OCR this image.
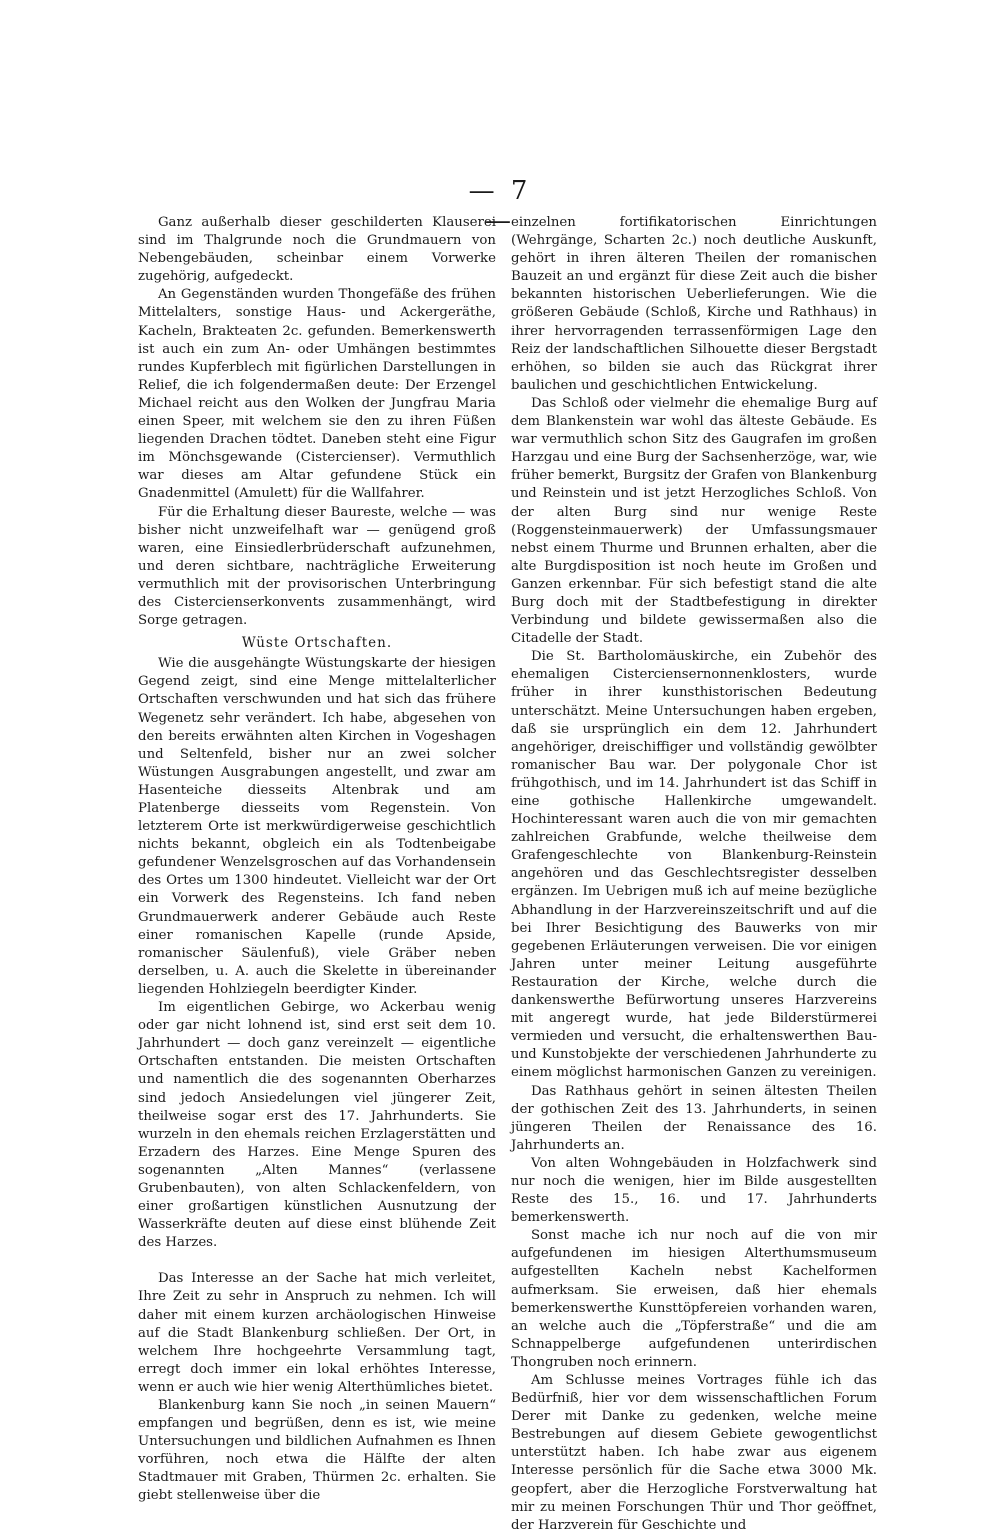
— 7 —

Ganz außerhalb dieser geschilderten Klauserei sind im Thalgrunde noch die Grundmauern von Nebengebäuden, scheinbar einem Vorwerke zugehörig, aufgedeckt.

An Gegenständen wurden Thongefäße des frühen Mittelalters, sonstige Haus- und Ackergeräthe, Kacheln, Brakteaten 2c. gefunden. Bemerkenswerth ist auch ein zum An- oder Umhängen bestimmtes rundes Kupferblech mit figürlichen Darstellungen in Relief, die ich folgendermaßen deute: Der Erzengel Michael reicht aus den Wolken der Jungfrau Maria einen Speer, mit welchem sie den zu ihren Füßen liegenden Drachen tödtet. Daneben steht eine Figur im Mönchsgewande (Cistercienser). Vermuthlich war dieses am Altar gefundene Stück ein Gnadenmittel (Amulett) für die Wallfahrer.

Für die Erhaltung dieser Baureste, welche — was bisher nicht unzweifelhaft war — genügend groß waren, eine Einsiedlerbrüderschaft aufzunehmen, und deren sichtbare, nachträgliche Erweiterung vermuthlich mit der provisorischen Unterbringung des Cistercienserkonvents zusammenhängt, wird Sorge getragen.

Wüste Ortschaften.

Wie die ausgehängte Wüstungskarte der hiesigen Gegend zeigt, sind eine Menge mittelalterlicher Ortschaften verschwunden und hat sich das frühere Wegenetz sehr verändert. Ich habe, abgesehen von den bereits erwähnten alten Kirchen in Vogeshagen und Seltenfeld, bisher nur an zwei solcher Wüstungen Ausgrabungen angestellt, und zwar am Hasenteiche diesseits Altenbrak und am Platenberge diesseits vom Regenstein. Von letzterem Orte ist merkwürdigerweise geschichtlich nichts bekannt, obgleich ein als Todtenbeigabe gefundener Wenzelsgroschen auf das Vorhandensein des Ortes um 1300 hindeutet. Vielleicht war der Ort ein Vorwerk des Regensteins. Ich fand neben Grundmauerwerk anderer Gebäude auch Reste einer romanischen Kapelle (runde Apside, romanischer Säulenfuß), viele Gräber neben derselben, u. A. auch die Skelette in übereinander liegenden Hohlziegeln beerdigter Kinder.

Im eigentlichen Gebirge, wo Ackerbau wenig oder gar nicht lohnend ist, sind erst seit dem 10. Jahrhundert — doch ganz vereinzelt — eigentliche Ortschaften entstanden. Die meisten Ortschaften und namentlich die des sogenannten Oberharzes sind jedoch Ansiedelungen viel jüngerer Zeit, theilweise sogar erst des 17. Jahrhunderts. Sie wurzeln in den ehemals reichen Erzlagerstätten und Erzadern des Harzes. Eine Menge Spuren des sogenannten „Alten Mannes“ (verlassene Grubenbauten), von alten Schlackenfeldern, von einer großartigen künstlichen Ausnutzung der Wasserkräfte deuten auf diese einst blühende Zeit des Harzes.

Das Interesse an der Sache hat mich verleitet, Ihre Zeit zu sehr in Anspruch zu nehmen. Ich will daher mit einem kurzen archäologischen Hinweise auf die Stadt Blankenburg schließen. Der Ort, in welchem Ihre hochgeehrte Versammlung tagt, erregt doch immer ein lokal erhöhtes Interesse, wenn er auch wie hier wenig Alterthümliches bietet.

Blankenburg kann Sie noch „in seinen Mauern“ empfangen und begrüßen, denn es ist, wie meine Untersuchungen und bildlichen Aufnahmen es Ihnen vorführen, noch etwa die Hälfte der alten Stadtmauer mit Graben, Thürmen 2c. erhalten. Sie giebt stellenweise über die

einzelnen fortifikatorischen Einrichtungen (Wehrgänge, Scharten 2c.) noch deutliche Auskunft, gehört in ihren älteren Theilen der romanischen Bauzeit an und ergänzt für diese Zeit auch die bisher bekannten historischen Ueberlieferungen. Wie die größeren Gebäude (Schloß, Kirche und Rathhaus) in ihrer hervorragenden terrassenförmigen Lage den Reiz der landschaftlichen Silhouette dieser Bergstadt erhöhen, so bilden sie auch das Rückgrat ihrer baulichen und geschichtlichen Entwickelung.

Das Schloß oder vielmehr die ehemalige Burg auf dem Blankenstein war wohl das älteste Gebäude. Es war vermuthlich schon Sitz des Gaugrafen im großen Harzgau und eine Burg der Sachsenherzöge, war, wie früher bemerkt, Burgsitz der Grafen von Blankenburg und Reinstein und ist jetzt Herzogliches Schloß. Von der alten Burg sind nur wenige Reste (Roggensteinmauerwerk) der Umfassungsmauer nebst einem Thurme und Brunnen erhalten, aber die alte Burgdisposition ist noch heute im Großen und Ganzen erkennbar. Für sich befestigt stand die alte Burg doch mit der Stadtbefestigung in direkter Verbindung und bildete gewissermaßen also die Citadelle der Stadt.

Die St. Bartholomäuskirche, ein Zubehör des ehemaligen Cisterciensernonnenklosters, wurde früher in ihrer kunsthistorischen Bedeutung unterschätzt. Meine Untersuchungen haben ergeben, daß sie ursprünglich ein dem 12. Jahrhundert angehöriger, dreischiffiger und vollständig gewölbter romanischer Bau war. Der polygonale Chor ist frühgothisch, und im 14. Jahrhundert ist das Schiff in eine gothische Hallenkirche umgewandelt. Hochinteressant waren auch die von mir gemachten zahlreichen Grabfunde, welche theilweise dem Grafengeschlechte von Blankenburg-Reinstein angehören und das Geschlechtsregister desselben ergänzen. Im Uebrigen muß ich auf meine bezügliche Abhandlung in der Harzvereinszeitschrift und auf die bei Ihrer Besichtigung des Bauwerks von mir gegebenen Erläuterungen verweisen. Die vor einigen Jahren unter meiner Leitung ausgeführte Restauration der Kirche, welche durch die dankenswerthe Befürwortung unseres Harzvereins mit angeregt wurde, hat jede Bilderstürmerei vermieden und versucht, die erhaltenswerthen Bau- und Kunstobjekte der verschiedenen Jahrhunderte zu einem möglichst harmonischen Ganzen zu vereinigen.

Das Rathhaus gehört in seinen ältesten Theilen der gothischen Zeit des 13. Jahrhunderts, in seinen jüngeren Theilen der Renaissance des 16. Jahrhunderts an.

Von alten Wohngebäuden in Holzfachwerk sind nur noch die wenigen, hier im Bilde ausgestellten Reste des 15., 16. und 17. Jahrhunderts bemerkenswerth.

Sonst mache ich nur noch auf die von mir aufgefundenen im hiesigen Alterthumsmuseum aufgestellten Kacheln nebst Kachelformen aufmerksam. Sie erweisen, daß hier ehemals bemerkenswerthe Kunsttöpfereien vorhanden waren, an welche auch die „Töpferstraße“ und die am Schnappelberge aufgefundenen unterirdischen Thongruben noch erinnern.

Am Schlusse meines Vortrages fühle ich das Bedürfniß, hier vor dem wissenschaftlichen Forum Derer mit Danke zu gedenken, welche meine Bestrebungen auf diesem Gebiete gewogentlichst unterstützt haben. Ich habe zwar aus eigenem Interesse persönlich für die Sache etwa 3000 Mk. geopfert, aber die Herzogliche Forstverwaltung hat mir zu meinen Forschungen Thür und Thor geöffnet, der Harzverein für Geschichte und
